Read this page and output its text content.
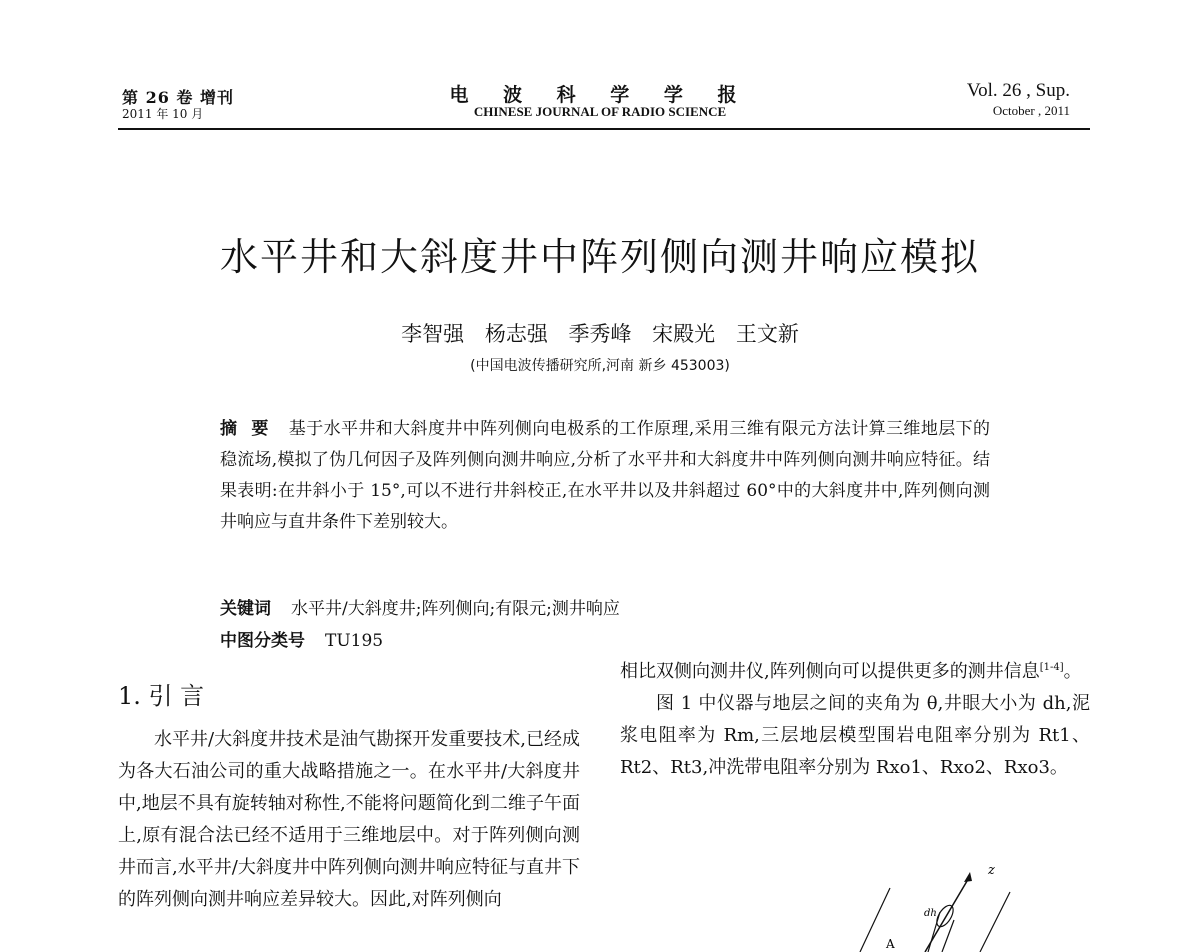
第 26 卷 增刊
2011 年 10 月
电 波 科 学 学 报
CHINESE JOURNAL OF RADIO SCIENCE
Vol. 26 , Sup.
October , 2011
水平井和大斜度井中阵列侧向测井响应模拟
李智强 杨志强 季秀峰 宋殿光 王文新
(中国电波传播研究所,河南 新乡 453003)
摘要 基于水平井和大斜度井中阵列侧向电极系的工作原理,采用三维有限元方法计算三维地层下的稳流场,模拟了伪几何因子及阵列侧向测井响应,分析了水平井和大斜度井中阵列侧向测井响应特征。结果表明:在井斜小于 15°,可以不进行井斜校正,在水平井以及井斜超过 60°中的大斜度井中,阵列侧向测井响应与直井条件下差别较大。
关键词 水平井/大斜度井;阵列侧向;有限元;测井响应
中图分类号 TU195
1. 引 言

水平井/大斜度井技术是油气勘探开发重要技术,已经成为各大石油公司的重大战略措施之一。在水平井/大斜度井中,地层不具有旋转轴对称性,不能将问题简化到二维子午面上,原有混合法已经不适用于三维地层中。对于阵列侧向测井而言,水平井/大斜度井中阵列侧向测井响应特征与直井下的阵列侧向测井响应差异较大。因此,对阵列侧向

相比双侧向测井仪,阵列侧向可以提供更多的测井信息[1-4]。

图 1 中仪器与地层之间的夹角为 θ,井眼大小为 dh,泥浆电阻率为 Rm,三层地层模型围岩电阻率分别为 Rt1、Rt2、Rt3,冲洗带电阻率分别为 Rxo1、Rxo2、Rxo3。

z
A
dh
